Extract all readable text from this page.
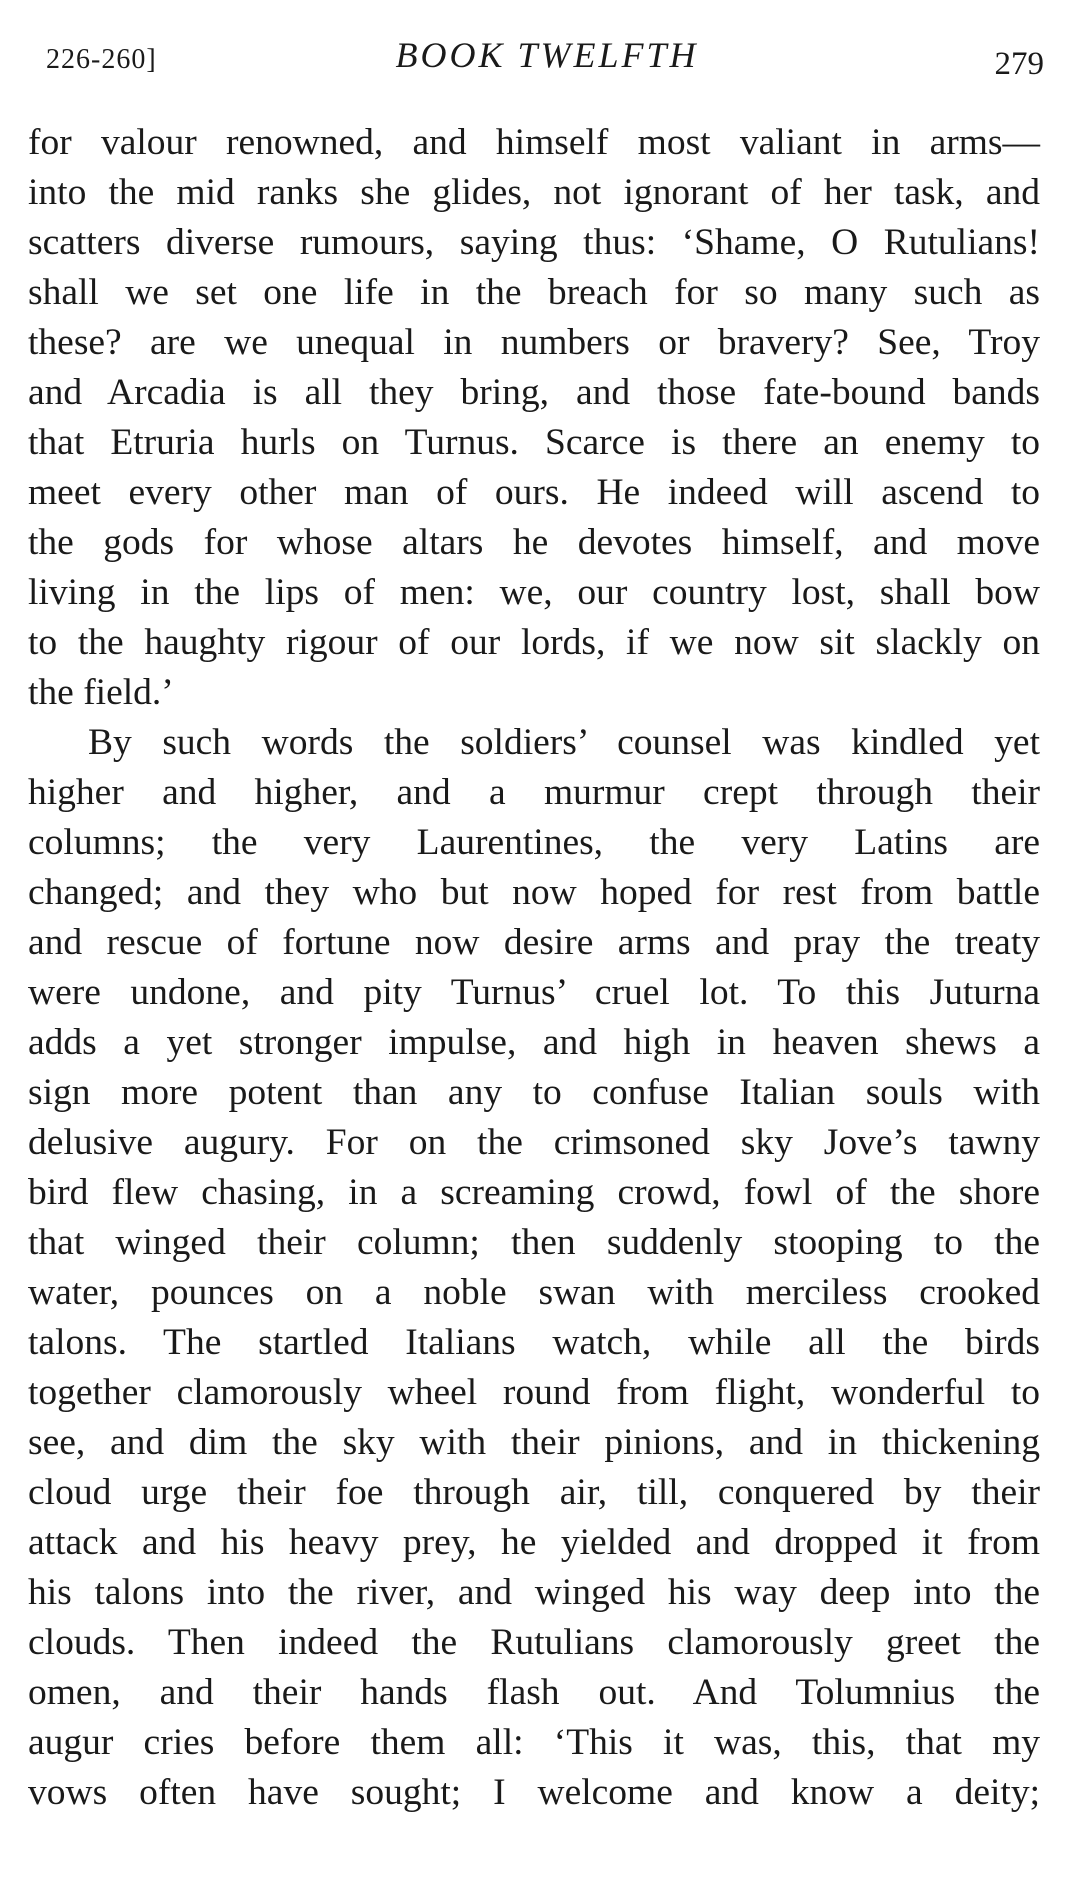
226-260]	BOOK TWELFTH	279
for valour renowned, and himself most valiant in arms—
into the mid ranks she glides, not ignorant of her task, and
scatters diverse rumours, saying thus: ‘Shame, O Rutulians!
shall we set one life in the breach for so many such as
these? are we unequal in numbers or bravery? See, Troy
and Arcadia is all they bring, and those fate-bound bands
that Etruria hurls on Turnus. Scarce is there an enemy to
meet every other man of ours. He indeed will ascend to
the gods for whose altars he devotes himself, and move
living in the lips of men: we, our country lost, shall bow
to the haughty rigour of our lords, if we now sit slackly on
the field.’
By such words the soldiers’ counsel was kindled yet
higher and higher, and a murmur crept through their
columns; the very Laurentines, the very Latins are
changed; and they who but now hoped for rest from battle
and rescue of fortune now desire arms and pray the treaty
were undone, and pity Turnus’ cruel lot. To this Juturna
adds a yet stronger impulse, and high in heaven shews a
sign more potent than any to confuse Italian souls with
delusive augury. For on the crimsoned sky Jove’s tawny
bird flew chasing, in a screaming crowd, fowl of the shore
that winged their column; then suddenly stooping to the
water, pounces on a noble swan with merciless crooked
talons. The startled Italians watch, while all the birds
together clamorously wheel round from flight, wonderful to
see, and dim the sky with their pinions, and in thickening
cloud urge their foe through air, till, conquered by their
attack and his heavy prey, he yielded and dropped it from
his talons into the river, and winged his way deep into the
clouds. Then indeed the Rutulians clamorously greet the
omen, and their hands flash out. And Tolumnius the
augur cries before them all: ‘This it was, this, that my
vows often have sought; I welcome and know a deity;
